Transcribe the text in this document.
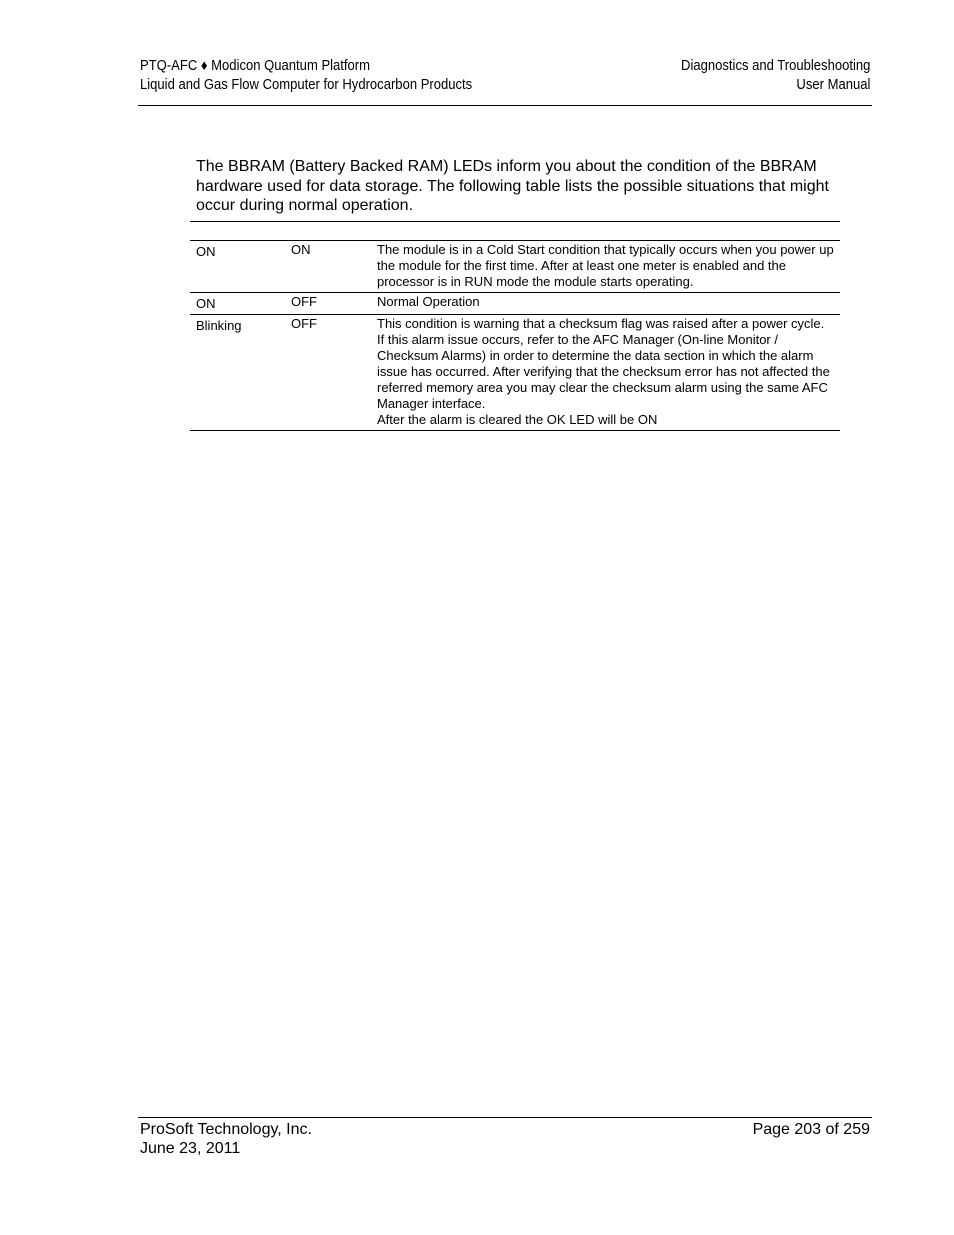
PTQ-AFC ♦ Modicon Quantum Platform
Liquid and Gas Flow Computer for Hydrocarbon Products
Diagnostics and Troubleshooting
User Manual

The BBRAM (Battery Backed RAM) LEDs inform you about the condition of the BBRAM hardware used for data storage. The following table lists the possible situations that might occur during normal operation.

ON	ON	The module is in a Cold Start condition that typically occurs when you power up the module for the first time. After at least one meter is enabled and the processor is in RUN mode the module starts operating.
ON	OFF	Normal Operation
Blinking	OFF	This condition is warning that a checksum flag was raised after a power cycle. If this alarm issue occurs, refer to the AFC Manager (On-line Monitor / Checksum Alarms) in order to determine the data section in which the alarm issue has occurred. After verifying that the checksum error has not affected the referred memory area you may clear the checksum alarm using the same AFC Manager interface.
After the alarm is cleared the OK LED will be ON
ProSoft Technology, Inc.
June 23, 2011
Page 203 of 259
